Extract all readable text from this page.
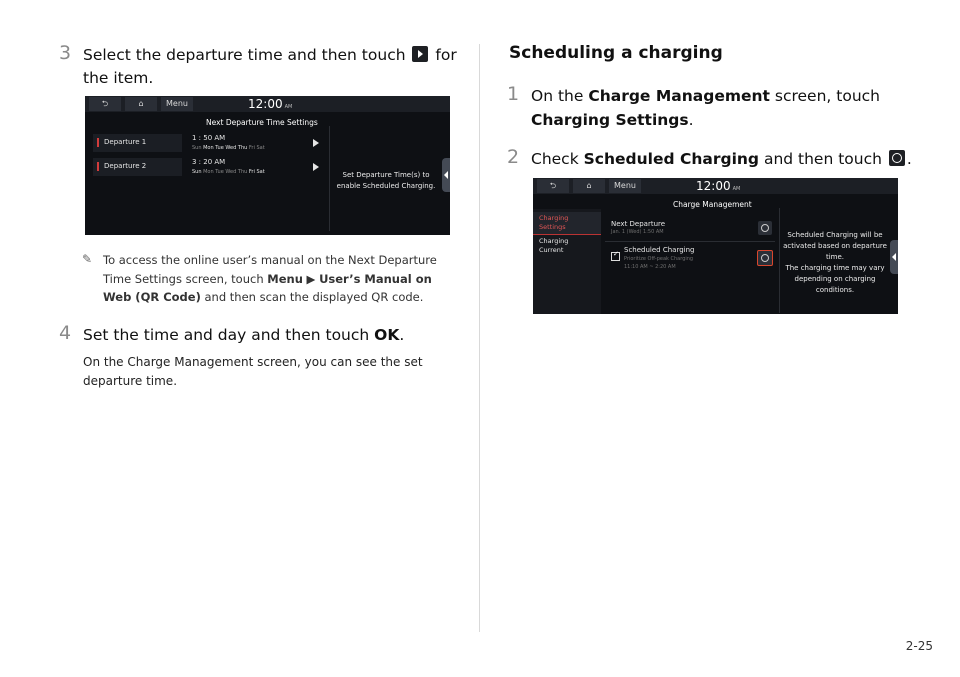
3 Select the departure time and then touch for
the item.
⮌	⌂	Menu	12:00 AM
Next Departure Time Settings
Departure 1	1 : 50 AM
Sun Mon Tue Wed Thu Fri Sat
Departure 2	3 : 20 AM
Sun Mon Tue Wed Thu Fri Sat	Set Departure Time(s) to
enable Scheduled Charging.
✎ To access the online user’s manual on the Next Departure
Time Settings screen, touch Menu ▶ User’s Manual on
Web (QR Code) and then scan the displayed QR code.
4 Set the time and day and then touch OK.
On the Charge Management screen, you can see the set
departure time.
Scheduling a charging
1 On the Charge Management screen, touch
Charging Settings.
2 Check Scheduled Charging and then touch .
⮌	⌂	Menu	12:00 AM
Charge Management
Charging Settings
Charging Current
Next Departure
Jan. 1 (Wed) 1:50 AM
✓
Scheduled Charging
Prioritize Off-peak Charging
11:10 AM ~ 2:20 AM
Scheduled Charging will be
activated based on departure
time.
The charging time may vary
depending on charging
conditions.
2-25
